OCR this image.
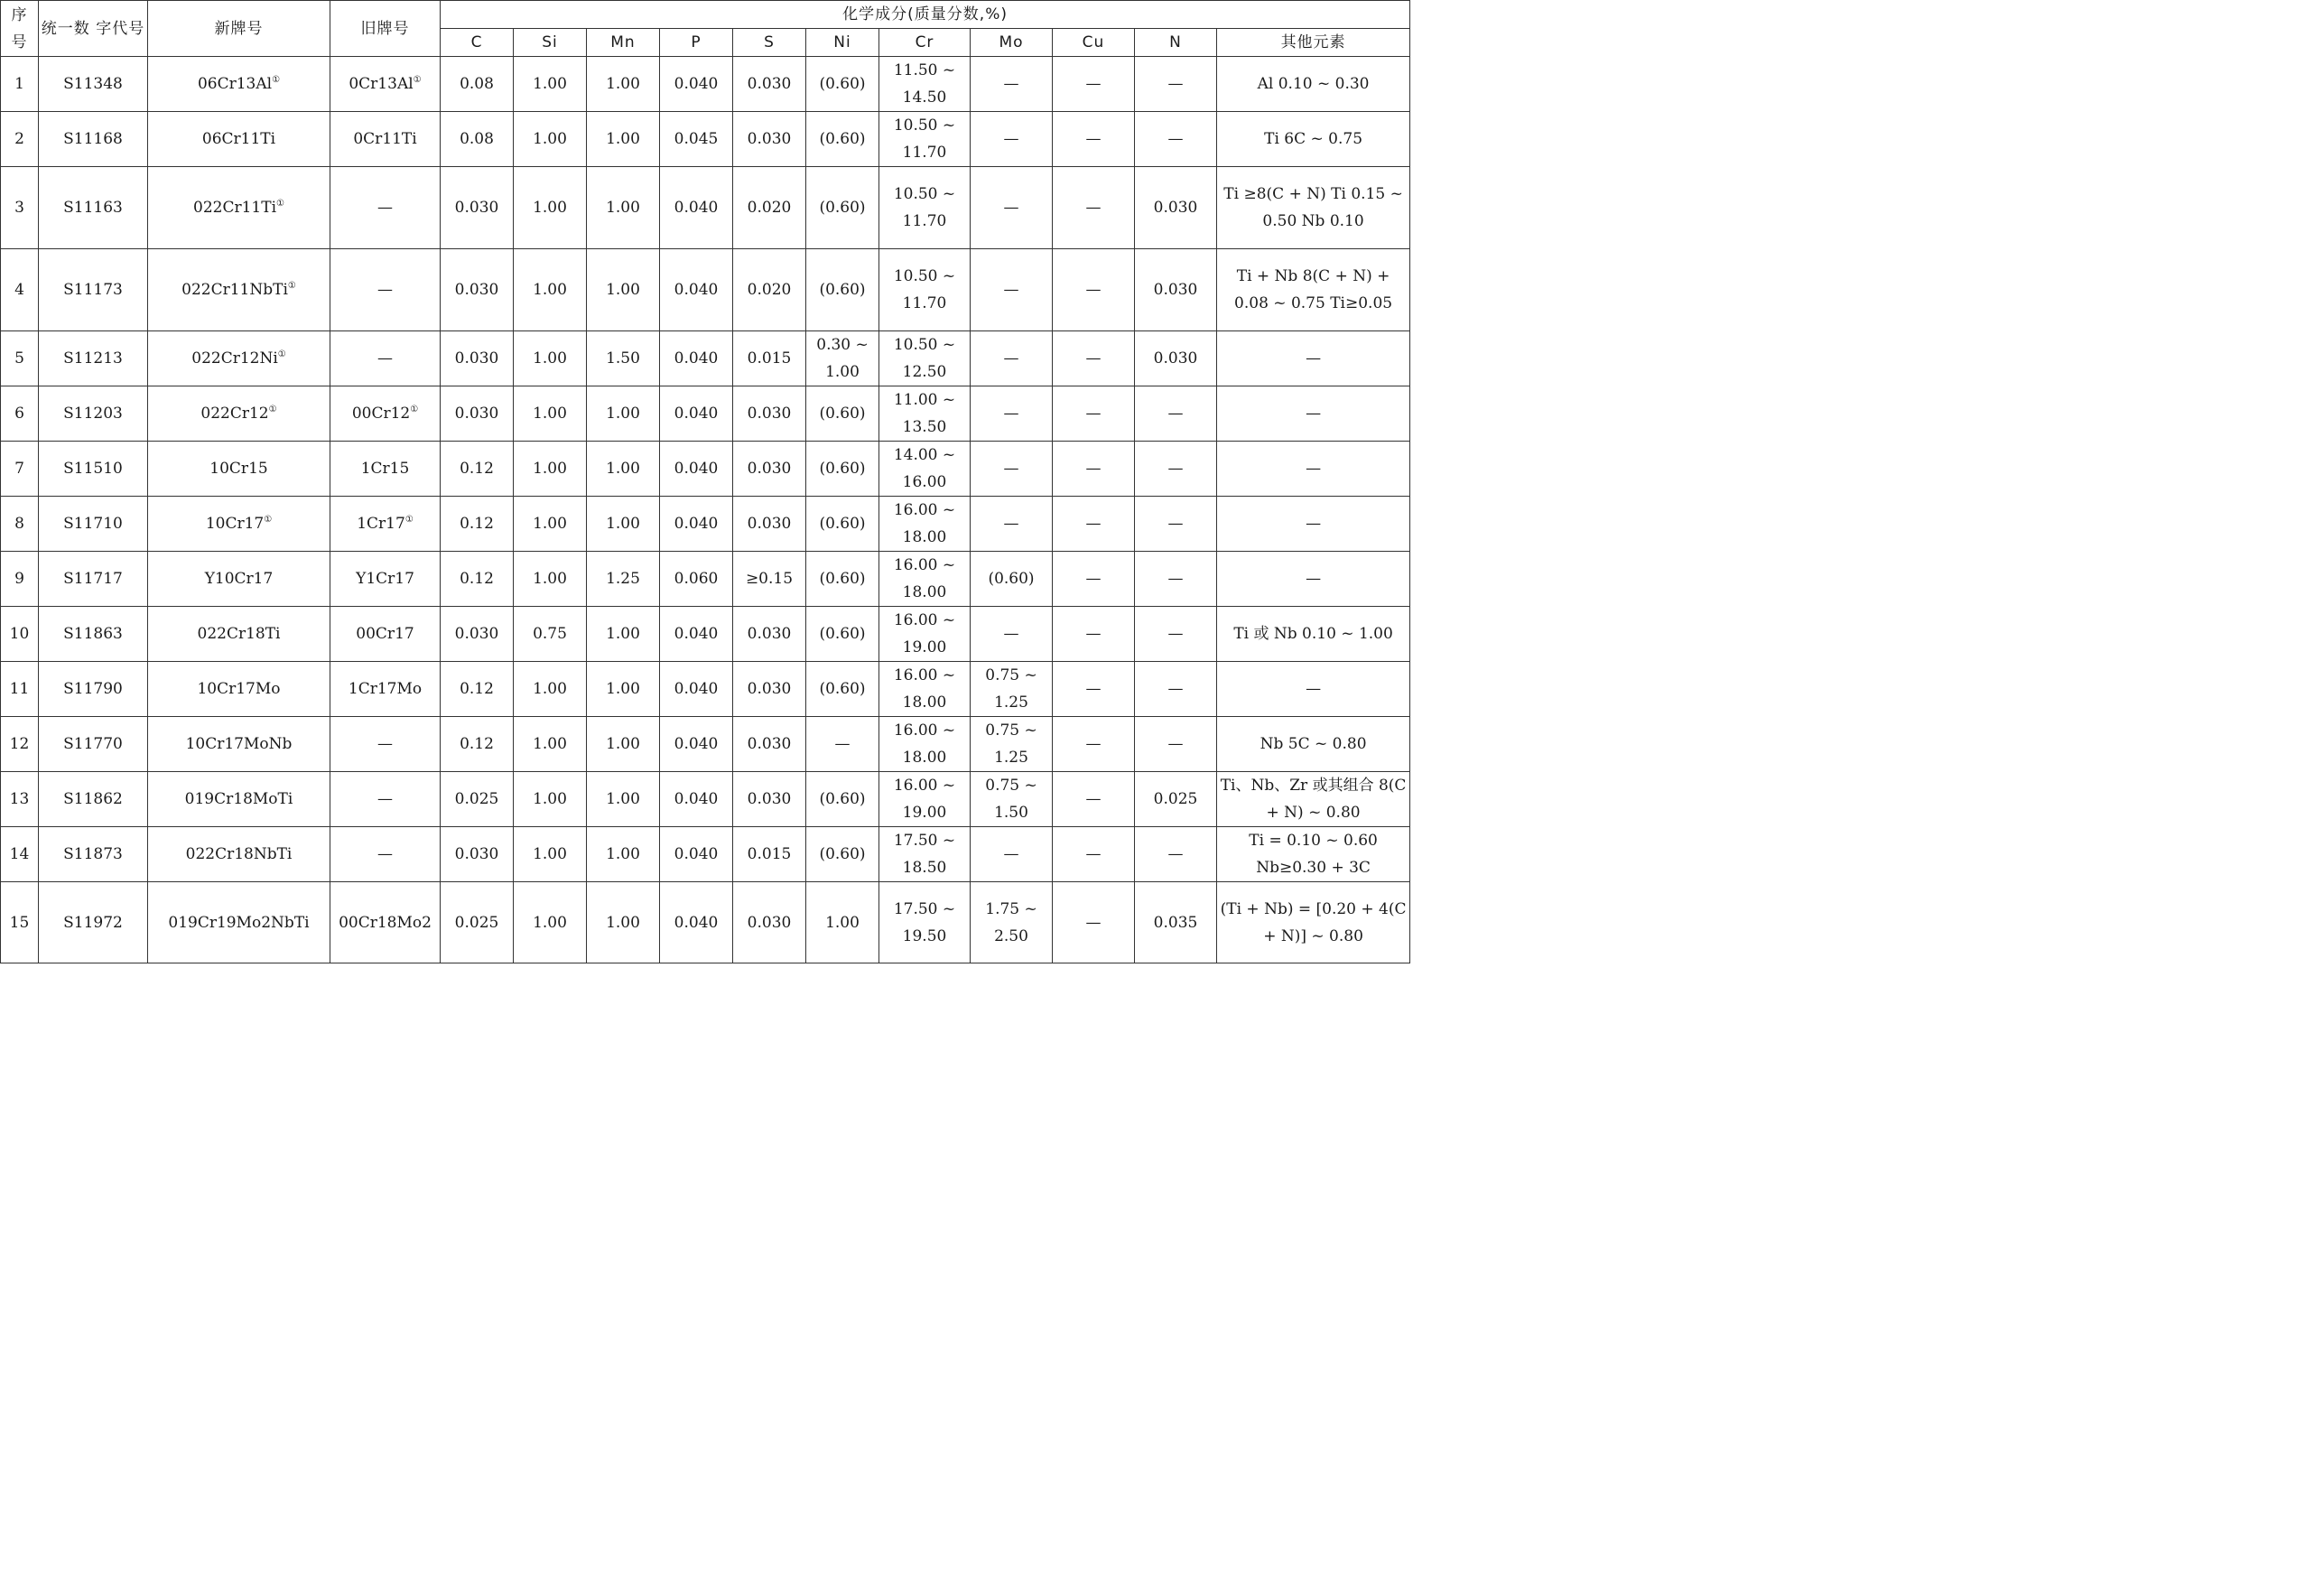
序 号	统一数 字代号	新牌号	旧牌号	化学成分(质量分数,%)										
				C	Si	Mn	P	S	Ni	Cr	Mo	Cu	N	其他元素
1	S11348	06Cr13Al①	0Cr13Al①	0.08	1.00	1.00	0.040	0.030	(0.60)	11.50 ~ 14.50	—	—	—	Al 0.10 ~ 0.30
2	S11168	06Cr11Ti	0Cr11Ti	0.08	1.00	1.00	0.045	0.030	(0.60)	10.50 ~ 11.70	—	—	—	Ti 6C ~ 0.75
3	S11163	022Cr11Ti①	—	0.030	1.00	1.00	0.040	0.020	(0.60)	10.50 ~ 11.70	—	—	0.030	Ti ≥8(C + N) Ti 0.15 ~ 0.50 Nb 0.10
4	S11173	022Cr11NbTi①	—	0.030	1.00	1.00	0.040	0.020	(0.60)	10.50 ~ 11.70	—	—	0.030	Ti + Nb 8(C + N) + 0.08 ~ 0.75 Ti≥0.05
5	S11213	022Cr12Ni①	—	0.030	1.00	1.50	0.040	0.015	0.30 ~ 1.00	10.50 ~ 12.50	—	—	0.030	—
6	S11203	022Cr12①	00Cr12①	0.030	1.00	1.00	0.040	0.030	(0.60)	11.00 ~ 13.50	—	—	—	—
7	S11510	10Cr15	1Cr15	0.12	1.00	1.00	0.040	0.030	(0.60)	14.00 ~ 16.00	—	—	—	—
8	S11710	10Cr17①	1Cr17①	0.12	1.00	1.00	0.040	0.030	(0.60)	16.00 ~ 18.00	—	—	—	—
9	S11717	Y10Cr17	Y1Cr17	0.12	1.00	1.25	0.060	≥0.15	(0.60)	16.00 ~ 18.00	(0.60)	—	—	—
10	S11863	022Cr18Ti	00Cr17	0.030	0.75	1.00	0.040	0.030	(0.60)	16.00 ~ 19.00	—	—	—	Ti 或 Nb 0.10 ~ 1.00
11	S11790	10Cr17Mo	1Cr17Mo	0.12	1.00	1.00	0.040	0.030	(0.60)	16.00 ~ 18.00	0.75 ~ 1.25	—	—	—
12	S11770	10Cr17MoNb	—	0.12	1.00	1.00	0.040	0.030	—	16.00 ~ 18.00	0.75 ~ 1.25	—	—	Nb 5C ~ 0.80
13	S11862	019Cr18MoTi	—	0.025	1.00	1.00	0.040	0.030	(0.60)	16.00 ~ 19.00	0.75 ~ 1.50	—	0.025	Ti、Nb、Zr 或其组合 8(C + N) ~ 0.80
14	S11873	022Cr18NbTi	—	0.030	1.00	1.00	0.040	0.015	(0.60)	17.50 ~ 18.50	—	—	—	Ti = 0.10 ~ 0.60 Nb≥0.30 + 3C
15	S11972	019Cr19Mo2NbTi	00Cr18Mo2	0.025	1.00	1.00	0.040	0.030	1.00	17.50 ~ 19.50	1.75 ~ 2.50	—	0.035	(Ti + Nb) = [0.20 + 4(C + N)] ~ 0.80
